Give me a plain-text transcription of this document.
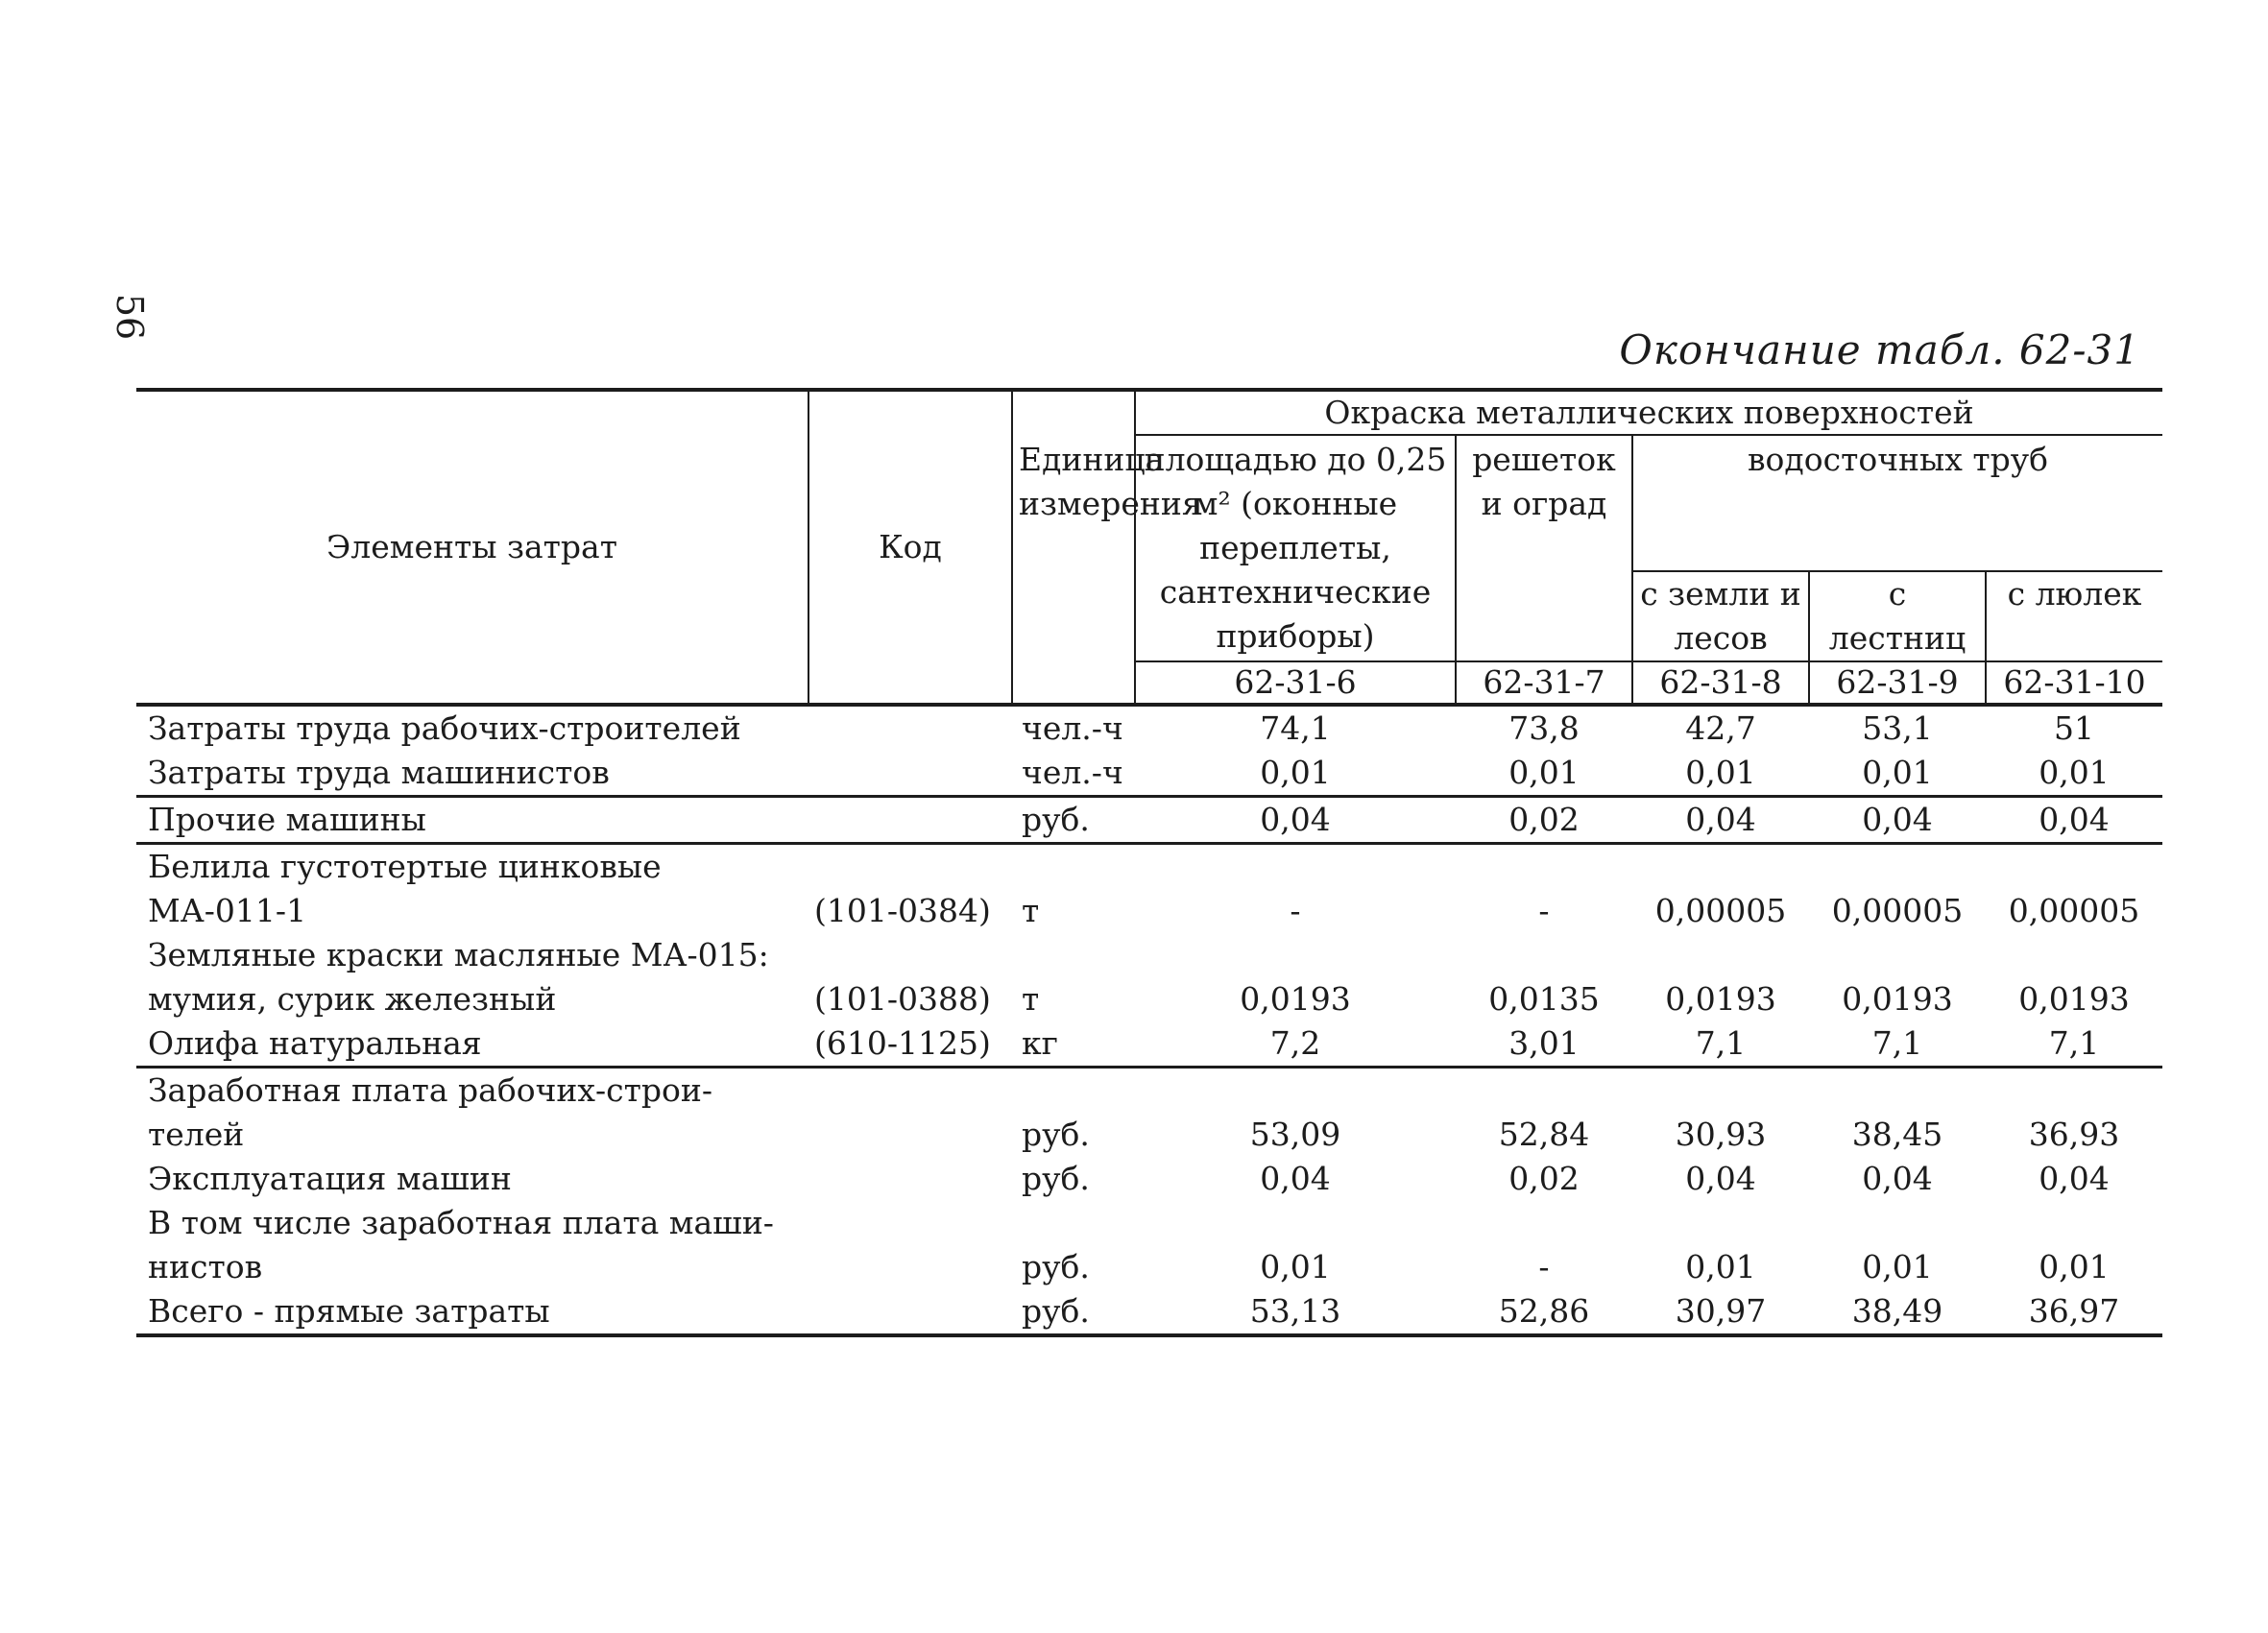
56
Окончание табл. 62-31
Элементы затрат	Код	Единица измерения	Окраска металлических поверхностей				
			площадью до 0,25 м² (оконные переплеты, сантехнические приборы)	решеток и оград	водосточных труб		
					с земли и лесов	с лестниц	с люлек
			62-31-6	62-31-7	62-31-8	62-31-9	62-31-10
Затраты труда рабочих-строителей		чел.-ч	74,1	73,8	42,7	53,1	51
Затраты труда машинистов		чел.-ч	0,01	0,01	0,01	0,01	0,01
Прочие машины		руб.	0,04	0,02	0,04	0,04	0,04
Белила густотертые цинковые							
МА-011-1	(101-0384)	т	-	-	0,00005	0,00005	0,00005
Земляные краски масляные МА-015:							
мумия, сурик железный	(101-0388)	т	0,0193	0,0135	0,0193	0,0193	0,0193
Олифа натуральная	(610-1125)	кг	7,2	3,01	7,1	7,1	7,1
Заработная плата рабочих-строи-							
телей		руб.	53,09	52,84	30,93	38,45	36,93
Эксплуатация машин		руб.	0,04	0,02	0,04	0,04	0,04
В том числе заработная плата маши-							
нистов		руб.	0,01	-	0,01	0,01	0,01
Всего - прямые затраты		руб.	53,13	52,86	30,97	38,49	36,97
